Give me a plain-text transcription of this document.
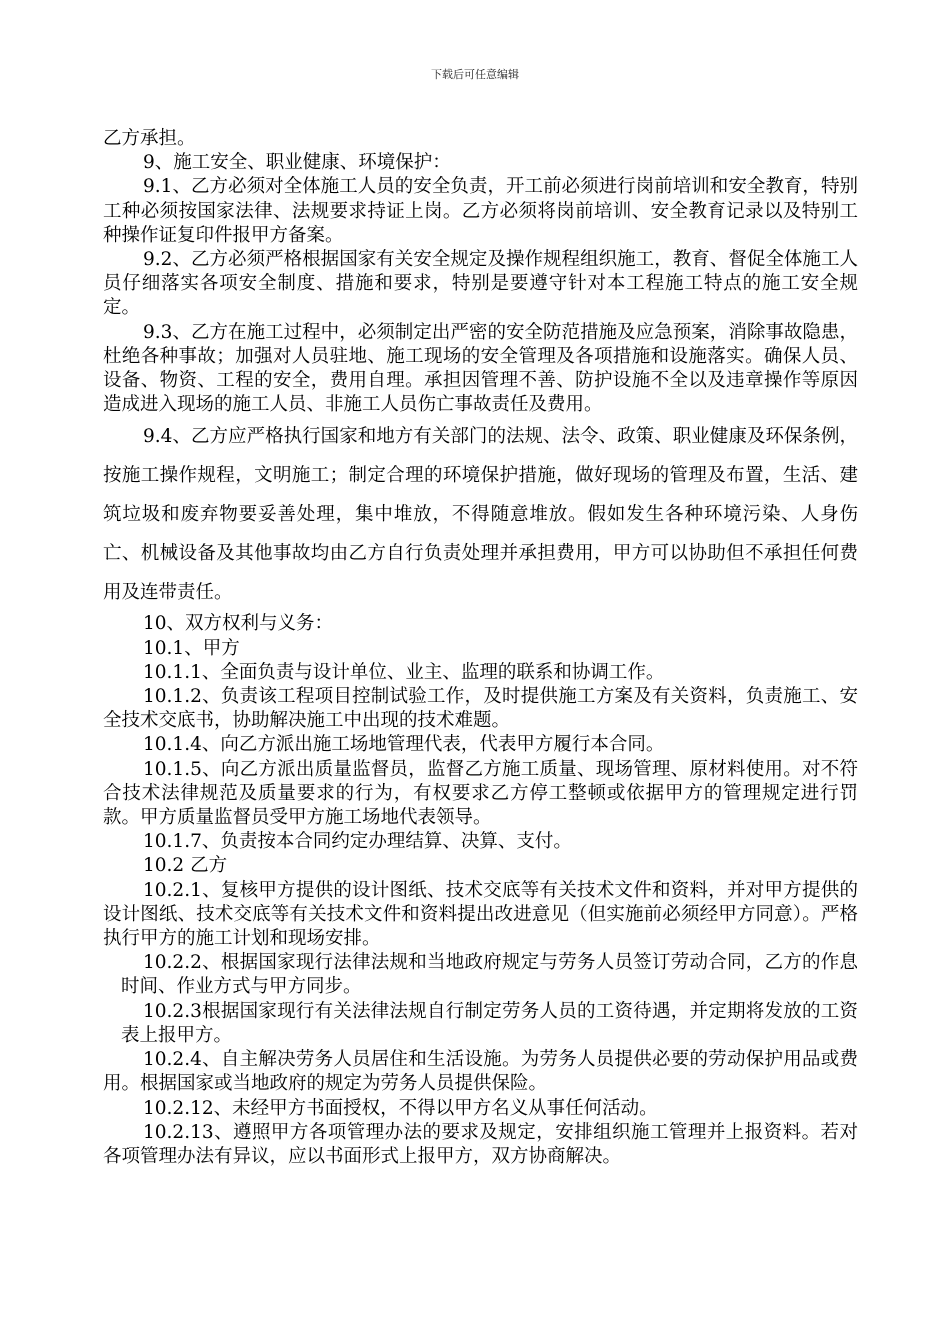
下载后可任意编辑

乙方承担。

9、施工安全、职业健康、环境保护：

9.1、乙方必须对全体施工人员的安全负责，开工前必须进行岗前培训和安全教育，特别工种必须按国家法律、法规要求持证上岗。乙方必须将岗前培训、安全教育记录以及特别工种操作证复印件报甲方备案。

9.2、乙方必须严格根据国家有关安全规定及操作规程组织施工，教育、督促全体施工人员仔细落实各项安全制度、措施和要求，特别是要遵守针对本工程施工特点的施工安全规定。

9.3、乙方在施工过程中，必须制定出严密的安全防范措施及应急预案，消除事故隐患，杜绝各种事故；加强对人员驻地、施工现场的安全管理及各项措施和设施落实。确保人员、设备、物资、工程的安全，费用自理。承担因管理不善、防护设施不全以及违章操作等原因造成进入现场的施工人员、非施工人员伤亡事故责任及费用。

9.4、乙方应严格执行国家和地方有关部门的法规、法令、政策、职业健康及环保条例，按施工操作规程，文明施工；制定合理的环境保护措施，做好现场的管理及布置，生活、建筑垃圾和废弃物要妥善处理，集中堆放，不得随意堆放。假如发生各种环境污染、人身伤亡、机械设备及其他事故均由乙方自行负责处理并承担费用，甲方可以协助但不承担任何费用及连带责任。

10、双方权利与义务：

10.1、甲方

10.1.1、全面负责与设计单位、业主、监理的联系和协调工作。

10.1.2、负责该工程项目控制试验工作，及时提供施工方案及有关资料，负责施工、安全技术交底书，协助解决施工中出现的技术难题。

10.1.4、向乙方派出施工场地管理代表，代表甲方履行本合同。

10.1.5、向乙方派出质量监督员，监督乙方施工质量、现场管理、原材料使用。对不符合技术法律规范及质量要求的行为，有权要求乙方停工整顿或依据甲方的管理规定进行罚款。甲方质量监督员受甲方施工场地代表领导。

10.1.7、负责按本合同约定办理结算、决算、支付。

10.2 乙方

10.2.1、复核甲方提供的设计图纸、技术交底等有关技术文件和资料，并对甲方提供的设计图纸、技术交底等有关技术文件和资料提出改进意见（但实施前必须经甲方同意）。严格执行甲方的施工计划和现场安排。

10.2.2、根据国家现行法律法规和当地政府规定与劳务人员签订劳动合同，乙方的作息时间、作业方式与甲方同步。

10.2.3根据国家现行有关法律法规自行制定劳务人员的工资待遇，并定期将发放的工资表上报甲方。

10.2.4、自主解决劳务人员居住和生活设施。为劳务人员提供必要的劳动保护用品或费用。根据国家或当地政府的规定为劳务人员提供保险。

10.2.12、未经甲方书面授权，不得以甲方名义从事任何活动。

10.2.13、遵照甲方各项管理办法的要求及规定，安排组织施工管理并上报资料。若对各项管理办法有异议，应以书面形式上报甲方，双方协商解决。
